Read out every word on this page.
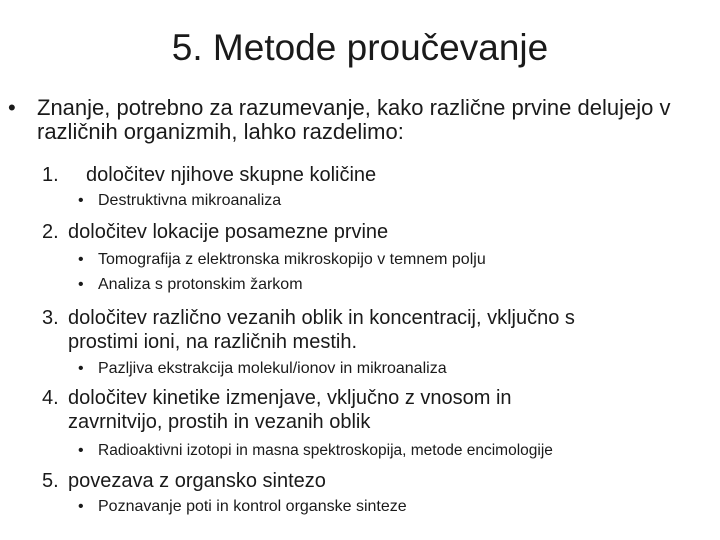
5. Metode proučevanje
• Znanje, potrebno za razumevanje, kako različne prvine delujejo v različnih organizmih, lahko razdelimo:
1. določitev njihove skupne količine
• Destruktivna mikroanaliza
2. določitev lokacije posamezne prvine
• Tomografija z elektronska mikroskopijo v temnem polju
• Analiza s protonskim žarkom
3. določitev različno vezanih oblik in koncentracij, vključno s
prostimi ioni, na različnih mestih.
• Pazljiva ekstrakcija molekul/ionov in mikroanaliza
4. določitev kinetike izmenjave, vključno z vnosom in
zavrnitvijo, prostih in vezanih oblik
• Radioaktivni izotopi in masna spektroskopija, metode encimologije
5. povezava z organsko sintezo
• Poznavanje poti in kontrol organske sinteze
